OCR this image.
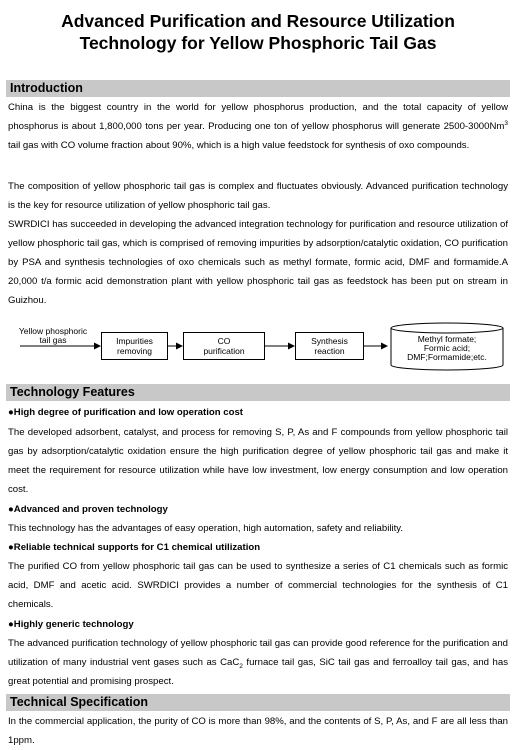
Advanced Purification and Resource Utilization
Technology for Yellow Phosphoric Tail Gas
Introduction
China is the biggest country in the world for yellow phosphorus production, and the total capacity of yellow phosphorus is about 1,800,000 tons per year. Producing one ton of yellow phosphorus will generate 2500-3000Nm$^3$ tail gas with CO volume fraction about 90%, which is a high value feedstock for synthesis of oxo compounds.
The composition of yellow phosphoric tail gas is complex and fluctuates obviously. Advanced purification technology is the key for resource utilization of yellow phosphoric tail gas.
SWRDICI has succeeded in developing the advanced integration technology for purification and resource utilization of yellow phosphoric tail gas, which is comprised of removing impurities by adsorption/catalytic oxidation, CO purification by PSA and synthesis technologies of oxo chemicals such as methyl formate, formic acid, DMF and formamide.A 20,000 t/a formic acid demonstration plant with yellow phosphoric tail gas as feedstock has been put on stream in Guizhou.
Yellow phosphoric
tail gas	Impurities
removing
CO
purification
Synthesis
reaction
Methyl formate;
Formic acid;
DMF;Formamide;etc.
Technology Features
●High degree of purification and low operation cost
The developed adsorbent, catalyst, and process for removing S, P, As and F compounds from yellow phosphoric tail gas by adsorption/catalytic oxidation ensure the high purification degree of yellow phosphoric tail gas and make it meet the requirement for resource utilization while have low investment, low energy consumption and low operation cost.
●Advanced and proven technology
This technology has the advantages of easy operation, high automation, safety and reliability.
●Reliable technical supports for C1 chemical utilization
The purified CO from yellow phosphoric tail gas can be used to synthesize a series of C1 chemicals such as formic acid, DMF and acetic acid. SWRDICI provides a number of commercial technologies for the synthesis of C1 chemicals.
●Highly generic technology
The advanced purification technology of yellow phosphoric tail gas can provide good reference for the purification and utilization of many industrial vent gases such as CaC$_2$ furnace tail gas, SiC tail gas and ferroalloy tail gas, and has great potential and promising prospect.
Technical Specification
In the commercial application, the purity of CO is more than 98%, and the contents of S, P, As, and F are all less than 1ppm.
